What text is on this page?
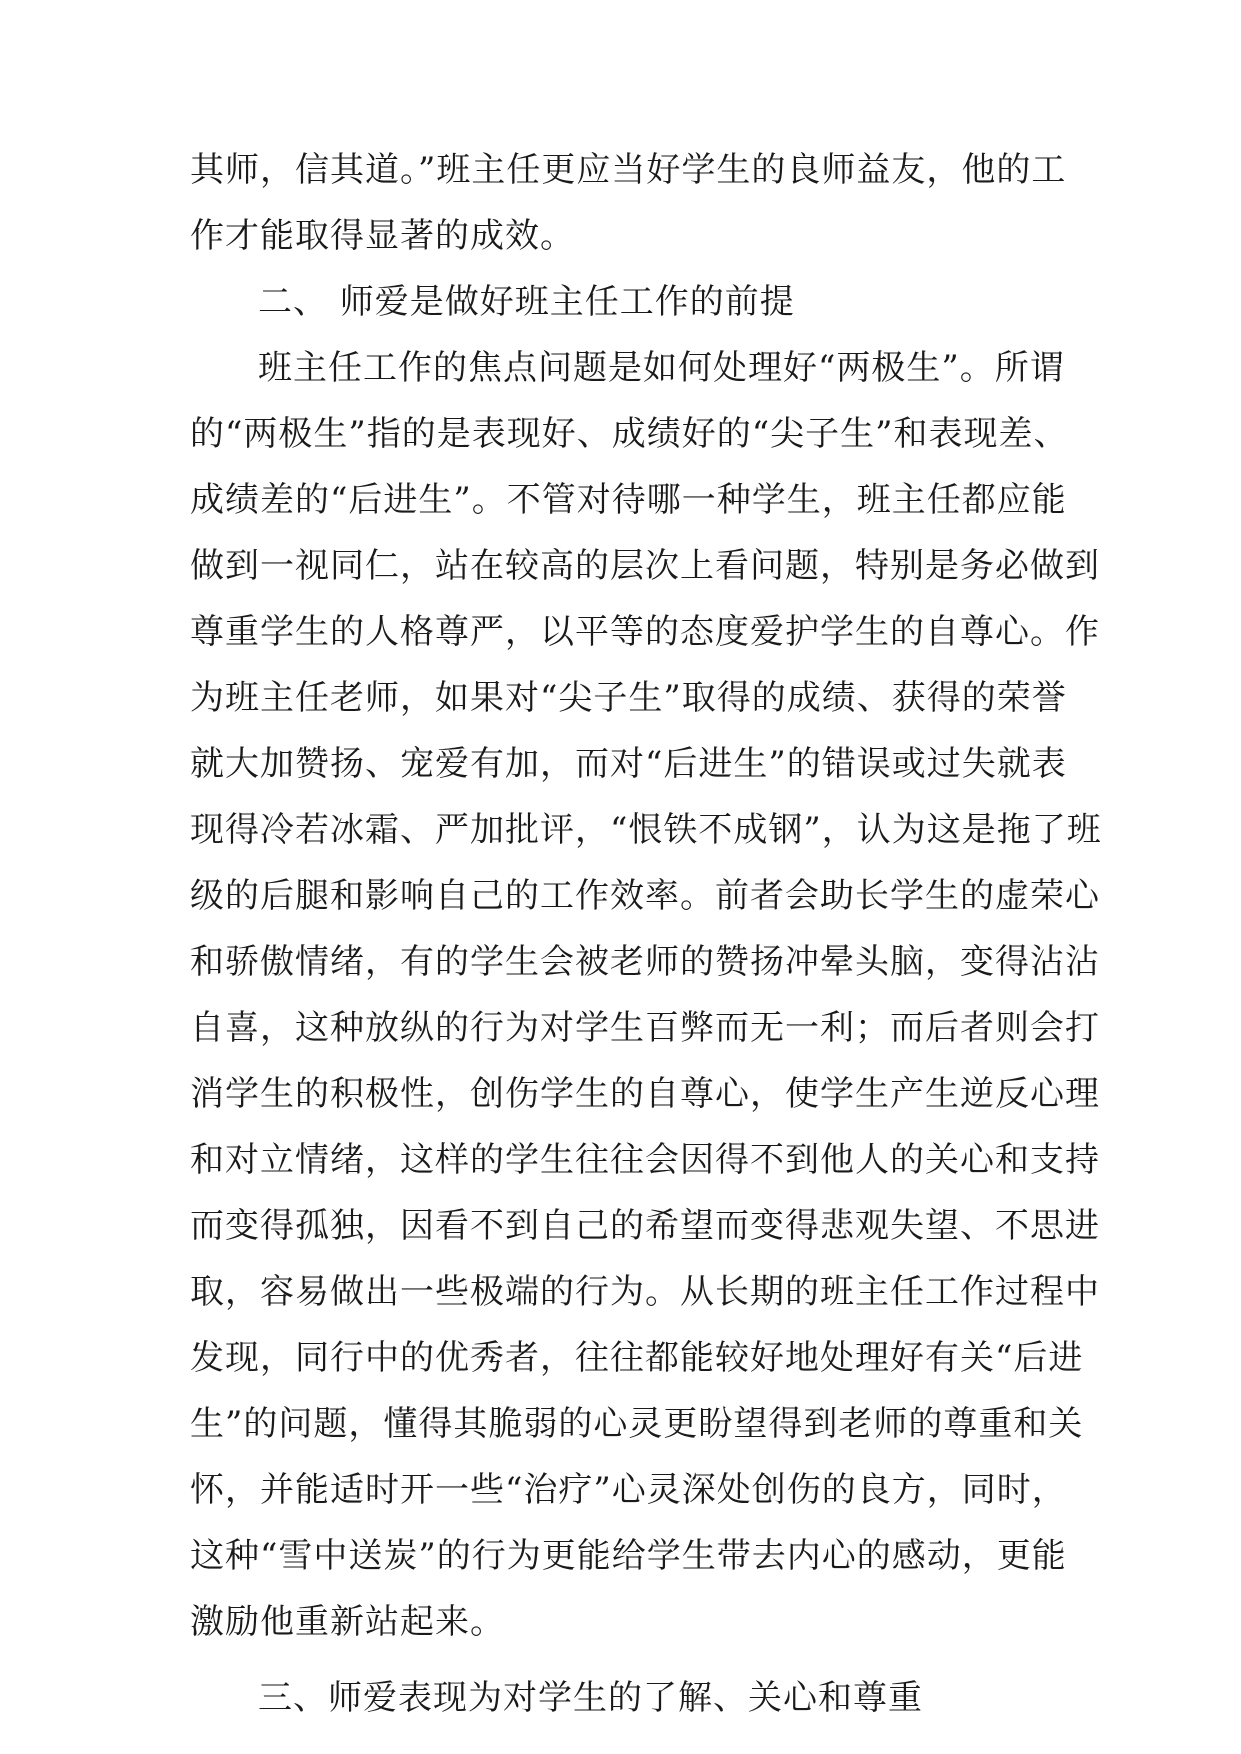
其师，信其道。”班主任更应当好学生的良师益友，他的工
作才能取得显著的成效。
二、 师爱是做好班主任工作的前提
班主任工作的焦点问题是如何处理好“两极生”。所谓
的“两极生”指的是表现好、成绩好的“尖子生”和表现差、
成绩差的“后进生”。不管对待哪一种学生，班主任都应能
做到一视同仁，站在较高的层次上看问题，特别是务必做到
尊重学生的人格尊严，以平等的态度爱护学生的自尊心。作
为班主任老师，如果对“尖子生”取得的成绩、获得的荣誉
就大加赞扬、宠爱有加，而对“后进生”的错误或过失就表
现得冷若冰霜、严加批评，“恨铁不成钢”，认为这是拖了班
级的后腿和影响自己的工作效率。前者会助长学生的虚荣心
和骄傲情绪，有的学生会被老师的赞扬冲晕头脑，变得沾沾
自喜，这种放纵的行为对学生百弊而无一利；而后者则会打
消学生的积极性，创伤学生的自尊心，使学生产生逆反心理
和对立情绪，这样的学生往往会因得不到他人的关心和支持
而变得孤独，因看不到自己的希望而变得悲观失望、不思进
取，容易做出一些极端的行为。从长期的班主任工作过程中
发现，同行中的优秀者，往往都能较好地处理好有关“后进
生”的问题，懂得其脆弱的心灵更盼望得到老师的尊重和关
怀，并能适时开一些“治疗”心灵深处创伤的良方，同时，
这种“雪中送炭”的行为更能给学生带去内心的感动，更能
激励他重新站起来。
三、师爱表现为对学生的了解、关心和尊重
